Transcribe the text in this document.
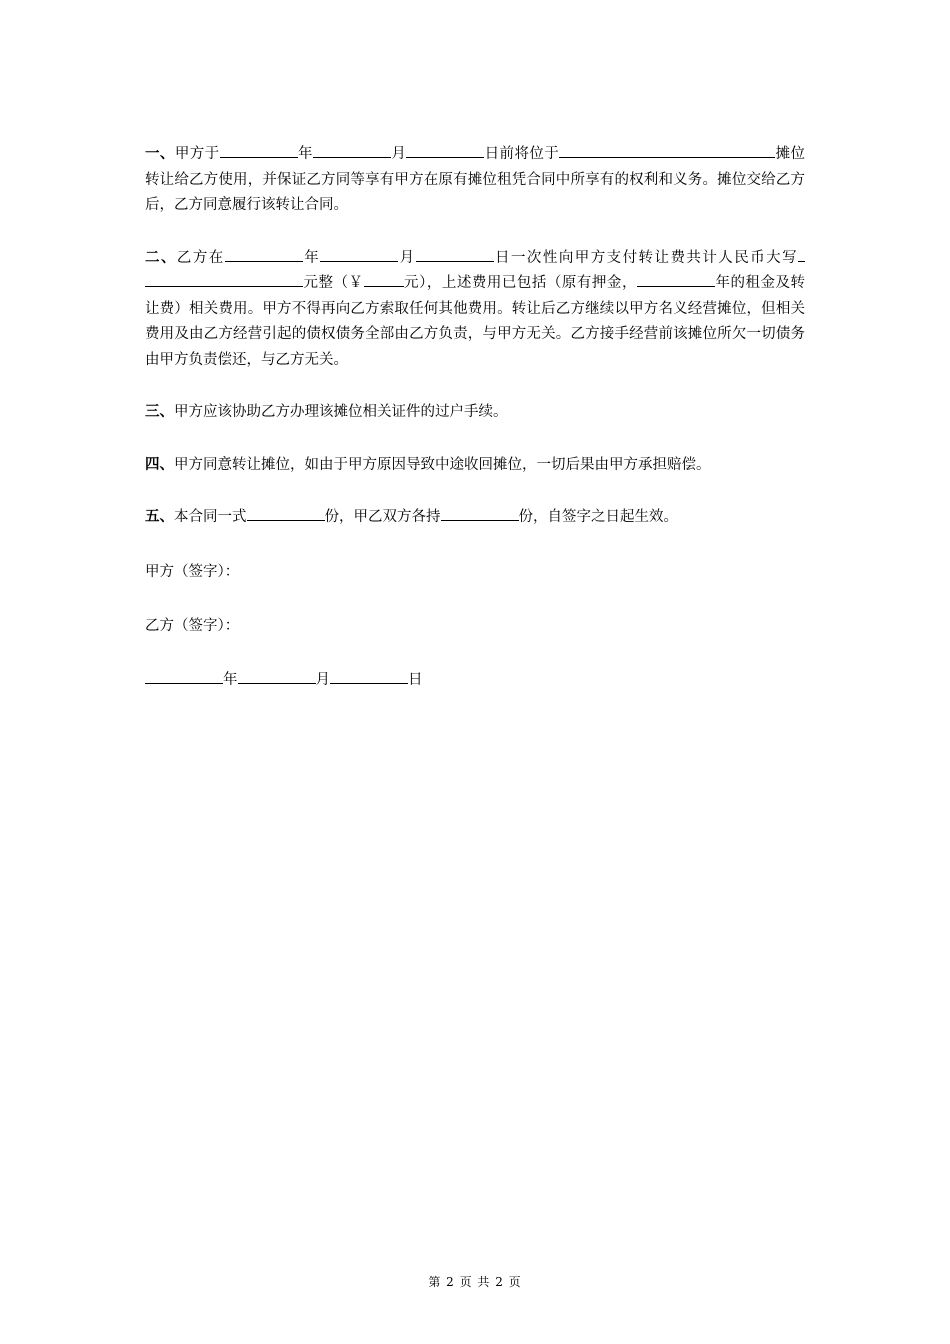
一、甲方于	年	月	日前将位于	摊位转让给乙方使用，并保证乙方同等享有甲方在原有摊位租凭合同中所享有的权利和义务。摊位交给乙方后，乙方同意履行该转让合同。

二、乙方在	年	月	日一次性向甲方支付转让费共计人民币大写元整（￥	元），上述费用已包括（原有押金，	年的租金及转让费）相关费用。甲方不得再向乙方索取任何其他费用。转让后乙方继续以甲方名义经营摊位，但相关费用及由乙方经营引起的债权债务全部由乙方负责，与甲方无关。乙方接手经营前该摊位所欠一切债务由甲方负责偿还，与乙方无关。

三、甲方应该协助乙方办理该摊位相关证件的过户手续。

四、甲方同意转让摊位，如由于甲方原因导致中途收回摊位，一切后果由甲方承担赔偿。

五、本合同一式	份，甲乙双方各持	份，自签字之日起生效。

甲方（签字）：

乙方（签字）：

年	月	日

第 2 页 共 2 页
